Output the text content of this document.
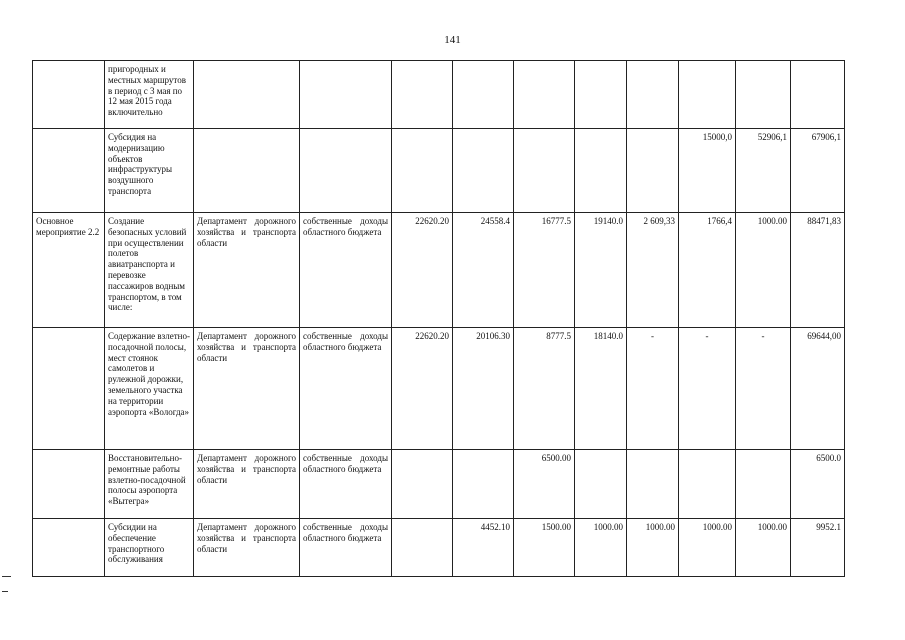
141
	пригородных и местных маршрутов в период с 3 мая по 12 мая 2015 года включительно										
	Субсидия на модернизацию объектов инфраструктуры воздушного транспорта								15000,0	52906,1	67906,1
Основное мероприятие 2.2	Создание безопасных условий при осуществлении полетов авиатранспорта и перевозке пассажиров водным транспортом, в том числе:	Департамент дорожного хозяйства и транспорта области	собственные доходы областного бюджета	22620.20	24558.4	16777.5	19140.0	2 609,33	1766,4	1000.00	88471,83
	Содержание взлетно-посадочной полосы, мест стоянок самолетов и рулежной дорожки, земельного участка на территории аэропорта «Вологда»	Департамент дорожного хозяйства и транспорта области	собственные доходы областного бюджета	22620.20	20106.30	8777.5	18140.0	-	-	-	69644,00
	Восстановительно-ремонтные работы взлетно-посадочной полосы аэропорта «Вытегра»	Департамент дорожного хозяйства и транспорта области	собственные доходы областного бюджета			6500.00					6500.0
	Субсидии на обеспечение транспортного обслуживания	Департамент дорожного хозяйства и транспорта области	собственные доходы областного бюджета		4452.10	1500.00	1000.00	1000.00	1000.00	1000.00	9952.1
